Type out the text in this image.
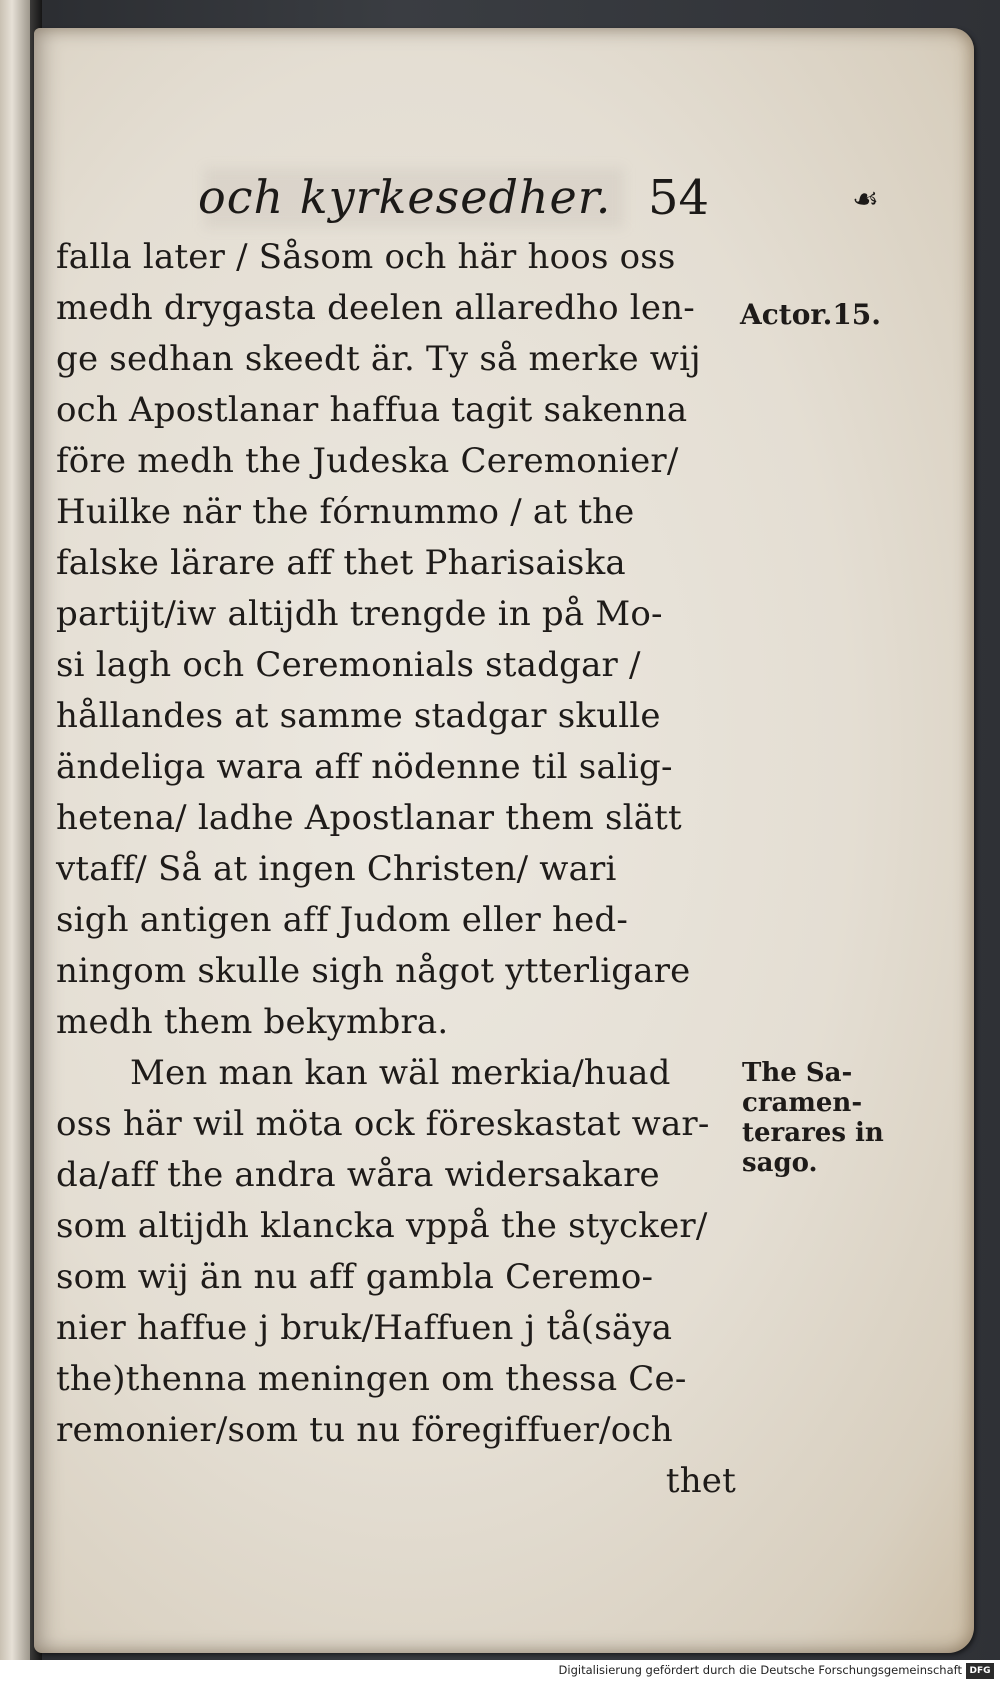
och kyrkesedher. 54	☙
falla later / Såsom och här hoos oss
medh drygasta deelen allaredho len-
ge sedhan skeedt är. Ty så merke wij
och Apostlanar haffua tagit sakenna
före medh the Judeska Ceremonier/
Huilke när the fórnummo / at the
falske lärare aff thet Pharisaiska
partijt/iw altijdh trengde in på Mo-
si lagh och Ceremonials stadgar /
hållandes at samme stadgar skulle
ändeliga wara aff nödenne til salig-
hetena/ ladhe Apostlanar them slätt
vtaff/ Så at ingen Christen/ wari
sigh antigen aff Judom eller hed-
ningom skulle sigh något ytterligare
medh them bekymbra.
Men man kan wäl merkia/huad
oss här wil möta ock föreskastat war-
da/aff the andra wåra widersakare
som altijdh klancka vppå the stycker/
som wij än nu aff gambla Ceremo-
nier haffue j bruk/Haffuen j tå(säya
the)thenna meningen om thessa Ce-
remonier/som tu nu föregiffuer/och
thet
Actor.15.
The Sa-
cramen-
terares in
sago.
Digitalisierung gefördert durch die Deutsche Forschungsgemeinschaft DFG
